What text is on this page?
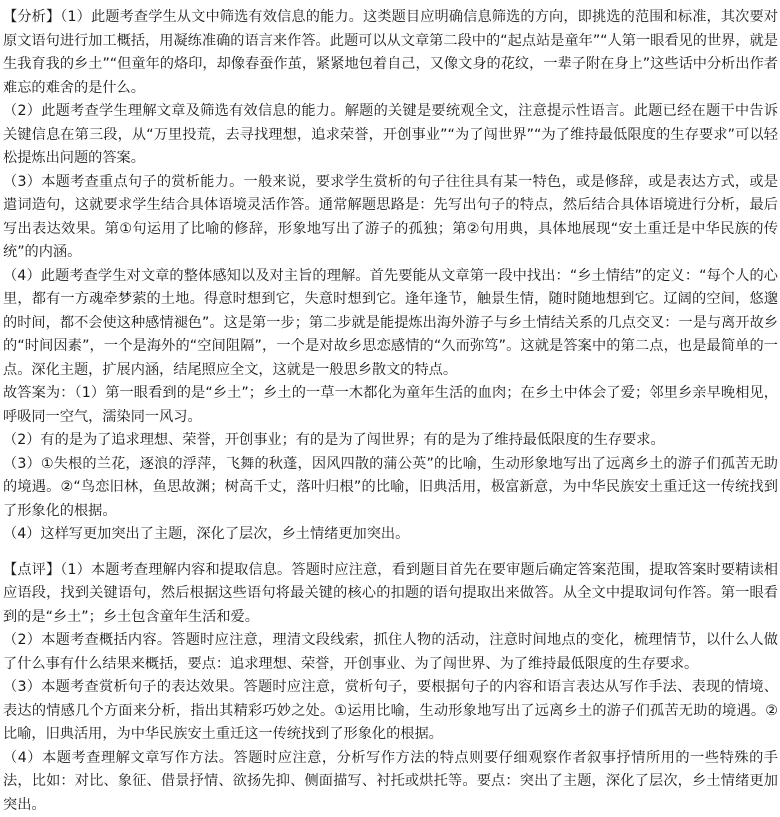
【分析】（1）此题考查学生从文中筛选有效信息的能力。这类题目应明确信息筛选的方向，即挑选的范围和标准，其次要对原文语句进行加工概括，用凝练准确的语言来作答。此题可以从文章第二段中的“起点站是童年”“人第一眼看见的世界，就是生我育我的乡土”“但童年的烙印，却像春蚕作茧，紧紧地包着自己，又像文身的花纹，一辈子附在身上”这些话中分析出作者难忘的难舍的是什么。

（2）此题考查学生理解文章及筛选有效信息的能力。解题的关键是要统观全文，注意提示性语言。此题已经在题干中告诉关键信息在第三段，从“万里投荒，去寻找理想，追求荣誉，开创事业”“为了闯世界”“为了维持最低限度的生存要求”可以轻松提炼出问题的答案。

（3）本题考查重点句子的赏析能力。一般来说，要求学生赏析的句子往往具有某一特色，或是修辞，或是表达方式，或是遣词造句，这就要求学生结合具体语境灵活作答。通常解题思路是：先写出句子的特点，然后结合具体语境进行分析，最后写出表达效果。第①句运用了比喻的修辞，形象地写出了游子的孤独；第②句用典，具体地展现“安土重迁是中华民族的传统”的内涵。

（4）此题考查学生对文章的整体感知以及对主旨的理解。首先要能从文章第一段中找出：“乡土情结”的定义：“每个人的心里，都有一方魂牵梦萦的土地。得意时想到它，失意时想到它。逢年逢节，触景生情，随时随地想到它。辽阔的空间，悠邈的时间，都不会使这种感情褪色”。这是第一步；第二步就是能提炼出海外游子与乡土情结关系的几点交叉：一是与离开故乡的“时间因素”，一个是海外的“空间阻隔”，一个是对故乡思恋感情的“久而弥笃”。这就是答案中的第二点，也是最简单的一点。深化主题，扩展内涵，结尾照应全文，这就是一般思乡散文的特点。

故答案为：（1）第一眼看到的是“乡土”；乡土的一草一木都化为童年生活的血肉；在乡土中体会了爱；邻里乡亲早晚相见，呼吸同一空气，濡染同一风习。

（2）有的是为了追求理想、荣誉，开创事业；有的是为了闯世界；有的是为了维持最低限度的生存要求。

（3）①失根的兰花，逐浪的浮萍，飞舞的秋蓬，因风四散的蒲公英”的比喻，生动形象地写出了远离乡土的游子们孤苦无助的境遇。②“鸟恋旧林，鱼思故渊；树高千丈，落叶归根”的比喻，旧典活用，极富新意，为中华民族安土重迁这一传统找到了形象化的根据。

（4）这样写更加突出了主题，深化了层次，乡土情绪更加突出。

【点评】（1）本题考查理解内容和提取信息。答题时应注意，看到题目首先在要审题后确定答案范围，提取答案时要精读相应语段，找到关键语句，然后根据这些语句将最关键的核心的扣题的语句提取出来做答。从全文中提取词句作答。第一眼看到的是“乡土”；乡土包含童年生活和爱。

（2）本题考查概括内容。答题时应注意，理清文段线索，抓住人物的活动，注意时间地点的变化，梳理情节，以什么人做了什么事有什么结果来概括，要点：追求理想、荣誉，开创事业、为了闯世界、为了维持最低限度的生存要求。

（3）本题考查赏析句子的表达效果。答题时应注意，赏析句子，要根据句子的内容和语言表达从写作手法、表现的情境、表达的情感几个方面来分析，指出其精彩巧妙之处。①运用比喻，生动形象地写出了远离乡土的游子们孤苦无助的境遇。②比喻，旧典活用，为中华民族安土重迁这一传统找到了形象化的根据。

（4）本题考查理解文章写作方法。答题时应注意，分析写作方法的特点则要仔细观察作者叙事抒情所用的一些特殊的手法，比如：对比、象征、借景抒情、欲扬先抑、侧面描写、衬托或烘托等。要点：突出了主题，深化了层次，乡土情绪更加突出。
